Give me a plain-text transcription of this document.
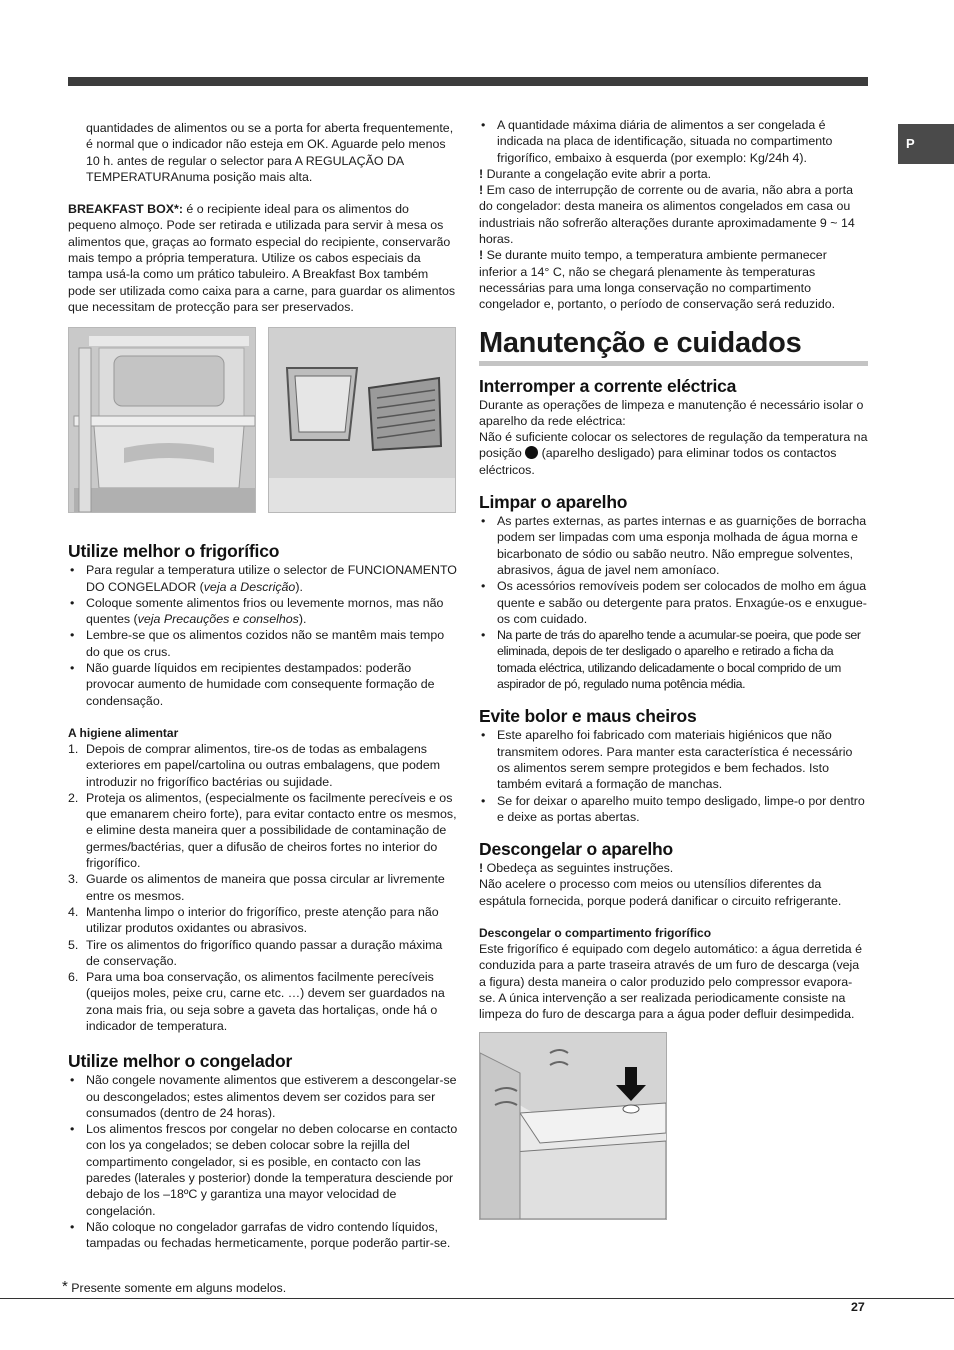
P

quantidades de alimentos ou se a porta for aberta frequentemente, é normal que o indicador não esteja em OK. Aguarde pelo menos 10 h. antes de regular o selector para A REGULAÇÃO DA TEMPERATURAnuma posição mais alta.

BREAKFAST BOX*: é o recipiente ideal para os alimentos do pequeno almoço. Pode ser retirada e utilizada para servir à mesa os alimentos que, graças ao formato especial do recipiente, conservarão mais tempo a própria temperatura. Utilize os cabos especiais da tampa usá-la como um prático tabuleiro. A Breakfast Box também pode ser utilizada como caixa para a carne, para guardar os alimentos que necessitam de protecção para ser preservados.

Utilize melhor o frigorífico
• Para regular a temperatura utilize o selector de FUNCIONAMENTO DO CONGELADOR (veja a Descrição).
• Coloque somente alimentos frios ou levemente mornos, mas não quentes (veja Precauções e conselhos).
• Lembre-se que os alimentos cozidos não se mantêm mais tempo do que os crus.
• Não guarde líquidos em recipientes destampados: poderão provocar aumento de humidade com consequente formação de condensação.
A higiene alimentar
1. Depois de comprar alimentos, tire-os de todas as embalagens exteriores em papel/cartolina ou outras embalagens, que podem introduzir no frigorífico bactérias ou sujidade.
2. Proteja os alimentos, (especialmente os facilmente perecíveis e os que emanarem cheiro forte), para evitar contacto entre os mesmos, e elimine desta maneira quer a possibilidade de contaminação de germes/bactérias, quer a difusão de cheiros fortes no interior do frigorífico.
3. Guarde os alimentos de maneira que possa circular ar livremente entre os mesmos.
4. Mantenha limpo o interior do frigorífico, preste atenção para não utilizar produtos oxidantes ou abrasivos.
5. Tire os alimentos do frigorífico quando passar a duração máxima de conservação.
6. Para uma boa conservação, os alimentos facilmente perecíveis (queijos moles, peixe cru, carne etc. …) devem ser guardados na zona mais fria, ou seja sobre a gaveta das hortaliças, onde há o indicador de temperatura.
Utilize melhor o congelador
• Não congele novamente alimentos que estiverem a descongelar-se ou descongelados; estes alimentos devem ser cozidos para ser consumados (dentro de 24 horas).
• Los alimentos frescos por congelar no deben colocarse en contacto con los ya congelados; se deben colocar sobre la rejilla del compartimento congelador, si es posible, en contacto con las paredes (laterales y posterior) donde la temperatura desciende por debajo de los –18ºC y garantiza una mayor velocidad de congelación.
• Não coloque no congelador garrafas de vidro contendo líquidos, tampadas ou fechadas hermeticamente, porque poderão partir-se.
• A quantidade máxima diária de alimentos a ser congelada é indicada na placa de identificação, situada no compartimento frigorífico, embaixo à esquerda (por exemplo: Kg/24h 4).

! Durante a congelação evite abrir a porta.

! Em caso de interrupção de corrente ou de avaria, não abra a porta do congelador: desta maneira os alimentos congelados em casa ou industriais não sofrerão alterações durante aproximadamente 9 ~ 14 horas.

! Se durante muito tempo, a temperatura ambiente permanecer inferior a 14° C, não se chegará plenamente às temperaturas necessárias para uma longa conservação no compartimento congelador e, portanto, o período de conservação será reduzido.

Manutenção e cuidados
Interromper a corrente eléctrica

Durante as operações de limpeza e manutenção é necessário isolar o aparelho da rede eléctrica:

Não é suficiente colocar os selectores de regulação da temperatura na posição  (aparelho desligado) para eliminar todos os contactos eléctricos.

Limpar o aparelho
• As partes externas, as partes internas e as guarnições de borracha podem ser limpadas com uma esponja molhada de água morna e bicarbonato de sódio ou sabão neutro. Não empregue solventes, abrasivos, água de javel nem amoníaco.
• Os acessórios removíveis podem ser colocados de molho em água quente e sabão ou detergente para pratos. Enxagúe-os e enxugue-os com cuidado.
• Na parte de trás do aparelho tende a acumular-se poeira, que pode ser eliminada, depois de ter desligado o aparelho e retirado a ficha da tomada eléctrica, utilizando delicadamente o bocal comprido de um aspirador de pó, regulado numa potência média.
Evite bolor e maus cheiros
• Este aparelho foi fabricado com materiais higiénicos que não transmitem odores. Para manter esta característica é necessário os alimentos serem sempre protegidos e bem fechados. Isto também evitará a formação de manchas.
• Se for deixar o aparelho muito tempo desligado, limpe-o por dentro e deixe as portas abertas.
Descongelar o aparelho

! Obedeça as seguintes instruções.

Não acelere o processo com meios ou utensílios diferentes da espátula fornecida, porque poderá danificar o circuito refrigerante.

Descongelar o compartimento frigorífico

Este frigorífico é equipado com degelo automático: a água derretida é conduzida para a parte traseira através de um furo de descarga (veja a figura) desta maneira o calor produzido pelo compressor evapora-se. A única intervenção a ser realizada periodicamente consiste na limpeza do furo de descarga para a água poder defluir desimpedida.

* Presente somente em alguns modelos.
27
